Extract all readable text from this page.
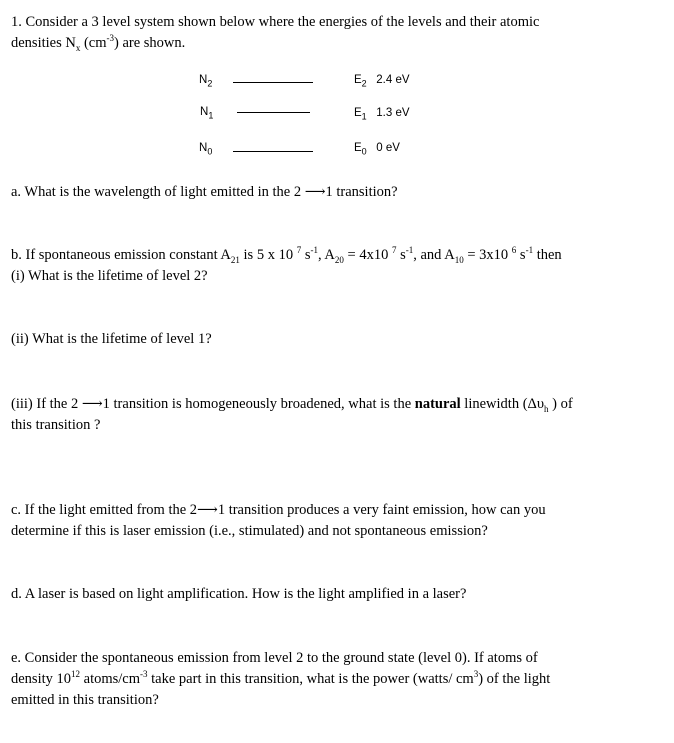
1. Consider a 3 level system shown below where the energies of the levels and their atomic

densities $N_x$ $(cm^{-3})$ are shown.

$N_2$	$E_2$ 2.4 eV
$N_1$	$E_1$ 1.3 eV
$N_0$	$E_0$ 0 eV

a. What is the wavelength of light emitted in the 2 ⟶1 transition?

b. If spontaneous emission constant $A_{21}$ is 5 x 10 $^7$ $s^{-1}$, $A_{20} = 4x10$ $^7$ $s^{-1}$, and $A_{10} = 3x10$ $^6$ $s^{-1}$ then

(i) What is the lifetime of level 2?

(ii) What is the lifetime of level 1?

(iii) If the 2 ⟶1 transition is homogeneously broadened, what is the natural linewidth ($\Delta\upsilon_h$ ) of

this transition ?

c. If the light emitted from the 2⟶1 transition produces a very faint emission, how can you

determine if this is laser emission (i.e., stimulated) and not spontaneous emission?

d. A laser is based on light amplification. How is the light amplified in a laser?

e. Consider the spontaneous emission from level 2 to the ground state (level 0). If atoms of

density $10^{12}$ atoms/$cm^{-3}$ take part in this transition, what is the power (watts/ $cm^3$) of the light

emitted in this transition?
